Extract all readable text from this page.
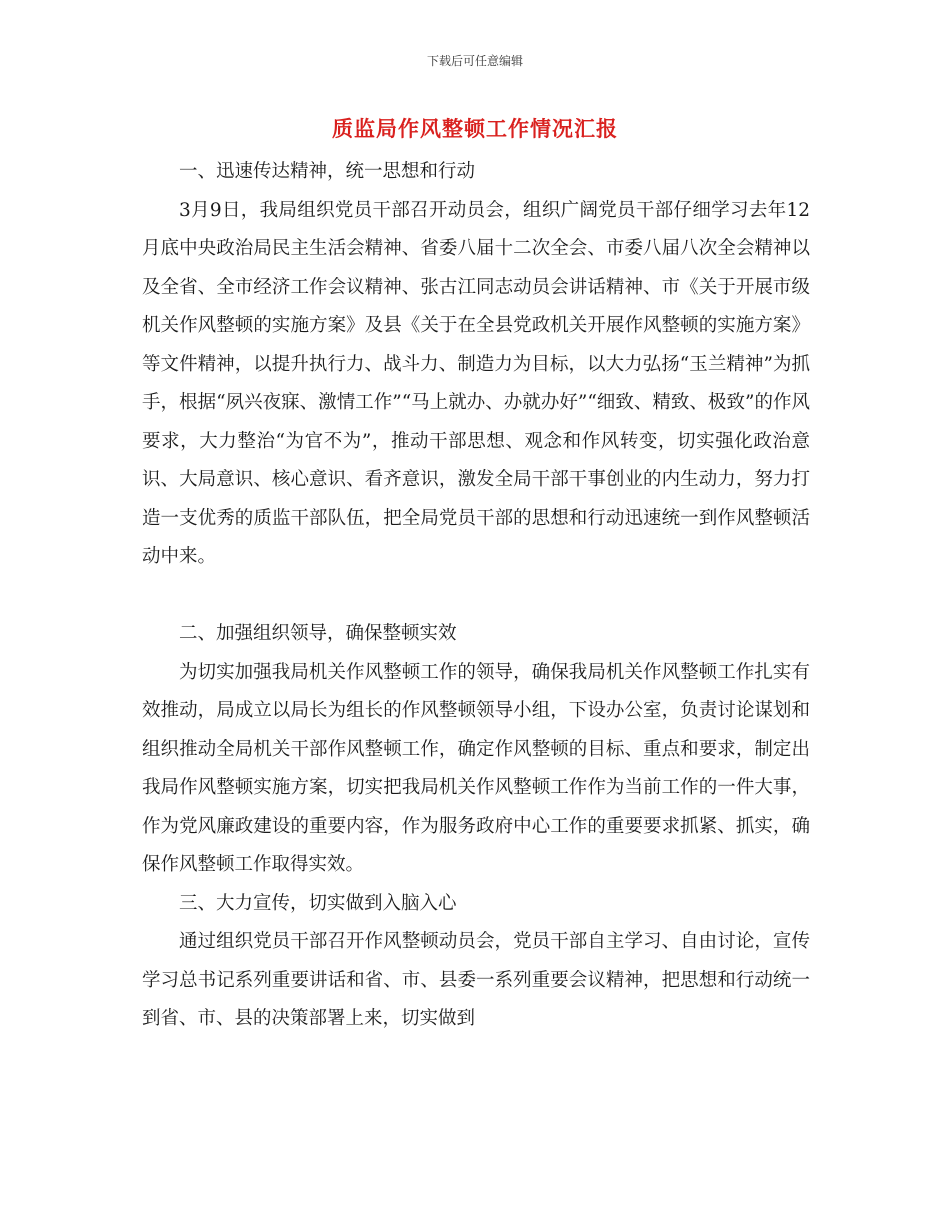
下载后可任意编辑
质监局作风整顿工作情况汇报

一、迅速传达精神，统一思想和行动

3月9日，我局组织党员干部召开动员会，组织广阔党员干部仔细学习去年12月底中央政治局民主生活会精神、省委八届十二次全会、市委八届八次全会精神以及全省、全市经济工作会议精神、张古江同志动员会讲话精神、市《关于开展市级机关作风整顿的实施方案》及县《关于在全县党政机关开展作风整顿的实施方案》等文件精神，以提升执行力、战斗力、制造力为目标，以大力弘扬“玉兰精神”为抓手，根据“夙兴夜寐、激情工作”“马上就办、办就办好”“细致、精致、极致”的作风要求，大力整治“为官不为”，推动干部思想、观念和作风转变，切实强化政治意识、大局意识、核心意识、看齐意识，激发全局干部干事创业的内生动力，努力打造一支优秀的质监干部队伍，把全局党员干部的思想和行动迅速统一到作风整顿活动中来。

二、加强组织领导，确保整顿实效

为切实加强我局机关作风整顿工作的领导，确保我局机关作风整顿工作扎实有效推动，局成立以局长为组长的作风整顿领导小组，下设办公室，负责讨论谋划和组织推动全局机关干部作风整顿工作，确定作风整顿的目标、重点和要求，制定出我局作风整顿实施方案，切实把我局机关作风整顿工作作为当前工作的一件大事，作为党风廉政建设的重要内容，作为服务政府中心工作的重要要求抓紧、抓实，确保作风整顿工作取得实效。

三、大力宣传，切实做到入脑入心

通过组织党员干部召开作风整顿动员会，党员干部自主学习、自由讨论，宣传学习总书记系列重要讲话和省、市、县委一系列重要会议精神，把思想和行动统一到省、市、县的决策部署上来，切实做到
